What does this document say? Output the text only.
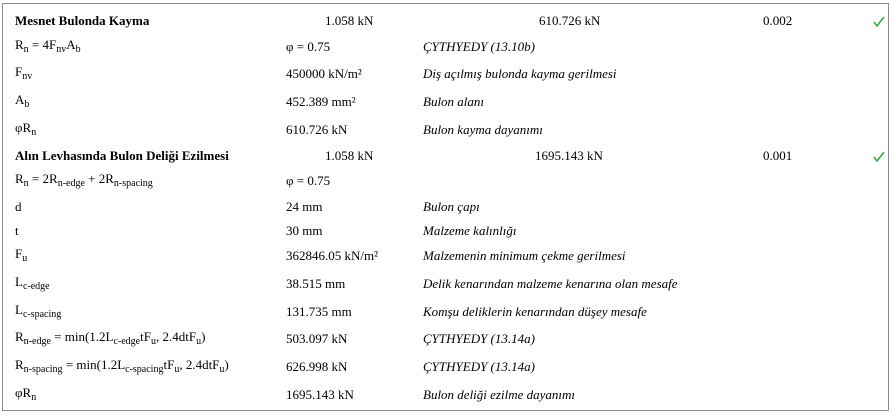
Mesnet Bulonda Kayma	1.058 kN	610.726 kN	0.002
$R_n = 4F_{nv}A_b$	φ = 0.75	ÇYTHYEDY (13.10b)
$F_{nv}$	450000 kN/m²	Diş açılmış bulonda kayma gerilmesi
$A_b$	452.389 mm²	Bulon alanı
$\varphi R_n$	610.726 kN	Bulon kayma dayanımı
Alın Levhasında Bulon Deliği Ezilmesi	1.058 kN	1695.143 kN	0.001
$R_n = 2R_{n-edge} + 2R_{n-spacing}$	φ = 0.75
d	24 mm	Bulon çapı
t	30 mm	Malzeme kalınlığı
$F_u$	362846.05 kN/m²	Malzemenin minimum çekme gerilmesi
$L_{c-edge}$	38.515 mm	Delik kenarından malzeme kenarına olan mesafe
$L_{c-spacing}$	131.735 mm	Komşu deliklerin kenarından düşey mesafe
$R_{n-edge} = \min(1.2L_{c-edge}tF_u$, 2.4dtF$_u$)	503.097 kN	ÇYTHYEDY (13.14a)
$R_{n-spacing} = \min(1.2L_{c-spacing}tF_u$, 2.4dtF$_u$)	626.998 kN	ÇYTHYEDY (13.14a)
$\varphi R_n$	1695.143 kN	Bulon deliği ezilme dayanımı
